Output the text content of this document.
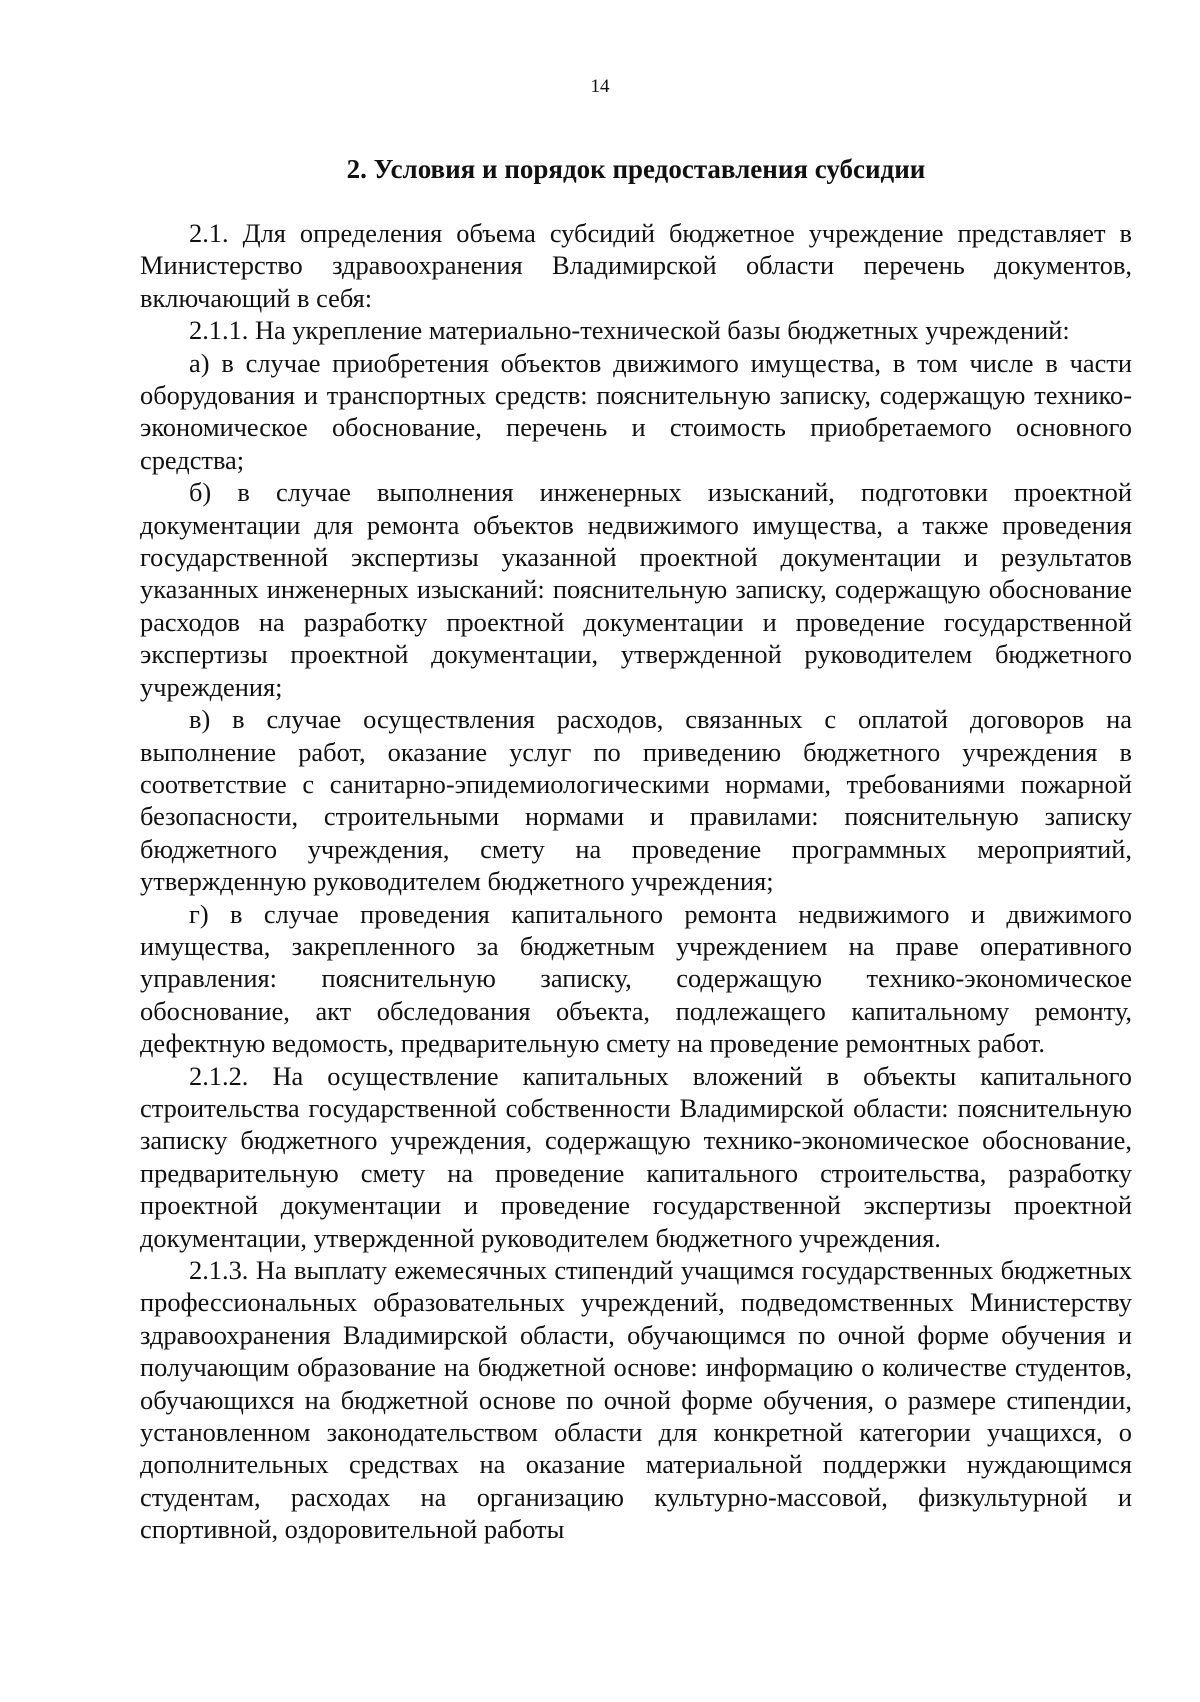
14
2. Условия и порядок предоставления субсидии

2.1. Для определения объема субсидий бюджетное учреждение представляет в Министерство здравоохранения Владимирской области перечень документов, включающий в себя:

2.1.1. На укрепление материально-технической базы бюджетных учреждений:

а) в случае приобретения объектов движимого имущества, в том числе в части оборудования и транспортных средств: пояснительную записку, содержащую технико-экономическое обоснование, перечень и стоимость приобретаемого основного средства;

б) в случае выполнения инженерных изысканий, подготовки проектной документации для ремонта объектов недвижимого имущества, а также проведения государственной экспертизы указанной проектной документации и результатов указанных инженерных изысканий: пояснительную записку, содержащую обоснование расходов на разработку проектной документации и проведение государственной экспертизы проектной документации, утвержденной руководителем бюджетного учреждения;

в) в случае осуществления расходов, связанных с оплатой договоров на выполнение работ, оказание услуг по приведению бюджетного учреждения в соответствие с санитарно-эпидемиологическими нормами, требованиями пожарной безопасности, строительными нормами и правилами: пояснительную записку бюджетного учреждения, смету на проведение программных мероприятий, утвержденную руководителем бюджетного учреждения;

г) в случае проведения капитального ремонта недвижимого и движимого имущества, закрепленного за бюджетным учреждением на праве оперативного управления: пояснительную записку, содержащую технико-экономическое обоснование, акт обследования объекта, подлежащего капитальному ремонту, дефектную ведомость, предварительную смету на проведение ремонтных работ.

2.1.2. На осуществление капитальных вложений в объекты капитального строительства государственной собственности Владимирской области: пояснительную записку бюджетного учреждения, содержащую технико-экономическое обоснование, предварительную смету на проведение капитального строительства, разработку проектной документации и проведение государственной экспертизы проектной документации, утвержденной руководителем бюджетного учреждения.

2.1.3. На выплату ежемесячных стипендий учащимся государственных бюджетных профессиональных образовательных учреждений, подведомственных Министерству здравоохранения Владимирской области, обучающимся по очной форме обучения и получающим образование на бюджетной основе: информацию о количестве студентов, обучающихся на бюджетной основе по очной форме обучения, о размере стипендии, установленном законодательством области для конкретной категории учащихся, о дополнительных средствах на оказание материальной поддержки нуждающимся студентам, расходах на организацию культурно-массовой, физкультурной и спортивной, оздоровительной работы
